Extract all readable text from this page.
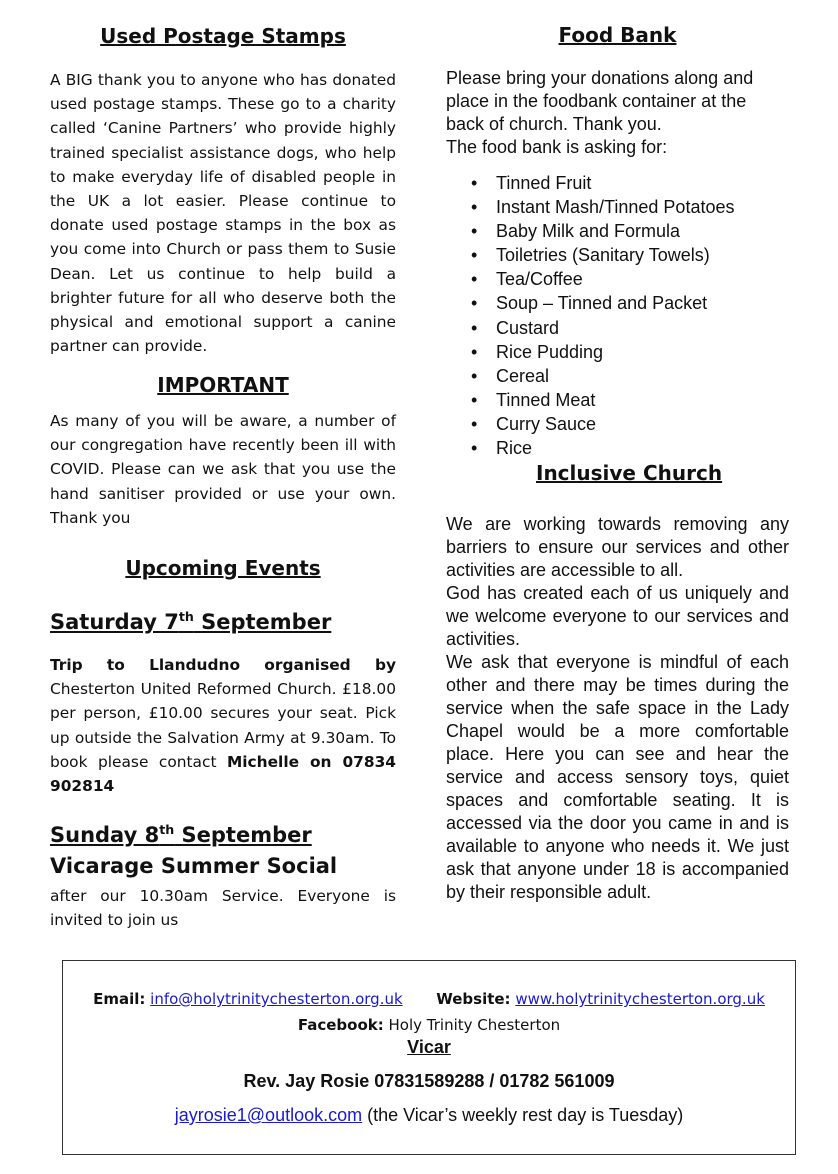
Used Postage Stamps

A BIG thank you to anyone who has donated used postage stamps. These go to a charity called ‘Canine Partners’ who provide highly trained specialist assistance dogs, who help to make everyday life of disabled people in the UK a lot easier. Please continue to donate used postage stamps in the box as you come into Church or pass them to Susie Dean. Let us continue to help build a brighter future for all who deserve both the physical and emotional support a canine partner can provide.

IMPORTANT

As many of you will be aware, a number of our congregation have recently been ill with COVID. Please can we ask that you use the hand sanitiser provided or use your own. Thank you

Upcoming Events
Saturday 7th September

Trip to Llandudno organised by Chesterton United Reformed Church. £18.00 per person, £10.00 secures your seat. Pick up outside the Salvation Army at 9.30am. To book please contact Michelle on 07834 902814

Sunday 8th September
Vicarage Summer Social

after our 10.30am Service. Everyone is invited to join us

Food Bank

Please bring your donations along and place in the foodbank container at the back of church. Thank you.

The food bank is asking for:

• Tinned Fruit
• Instant Mash/Tinned Potatoes
• Baby Milk and Formula
• Toiletries (Sanitary Towels)
• Tea/Coffee
• Soup – Tinned and Packet
• Custard
• Rice Pudding
• Cereal
• Tinned Meat
• Curry Sauce
• Rice
Inclusive Church

We are working towards removing any barriers to ensure our services and other activities are accessible to all.

God has created each of us uniquely and we welcome everyone to our services and activities.

We ask that everyone is mindful of each other and there may be times during the service when the safe space in the Lady Chapel would be a more comfortable place. Here you can see and hear the service and access sensory toys, quiet spaces and comfortable seating. It is accessed via the door you came in and is available to anyone who needs it. We just ask that anyone under 18 is accompanied by their responsible adult.

Email: info@holytrinitychesterton.org.uk Website: www.holytrinitychesterton.org.uk

Facebook: Holy Trinity Chesterton

Vicar

Rev. Jay Rosie 07831589288 / 01782 561009

jayrosie1@outlook.com (the Vicar’s weekly rest day is Tuesday)
